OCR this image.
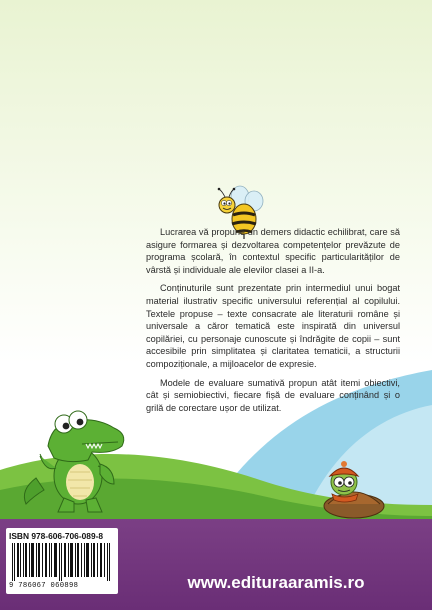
Lucrarea vă propune un demers didactic echilibrat, care să asigure formarea și dezvoltarea competențelor prevăzute de programa școlară, în contextul specific particularităților de vârstă și individuale ale elevilor clasei a II-a.

Conținuturile sunt prezentate prin intermediul unui bogat material ilustrativ specific universului referențial al copilului. Textele propuse – texte consacrate ale literaturii române și universale a căror tematică este inspirată din universul copilăriei, cu personaje cunoscute și îndrăgite de copii – sunt accesibile prin simplitatea și claritatea tematicii, a structurii compoziționale, a mijloacelor de expresie.

Modele de evaluare sumativă propun atât itemi obiectivi, cât și semiobiectivi, fiecare fișă de evaluare conținând și o grilă de corectare ușor de utilizat.

ISBN 978-606-706-089-8
9 786067 060898	www.edituraaramis.ro
